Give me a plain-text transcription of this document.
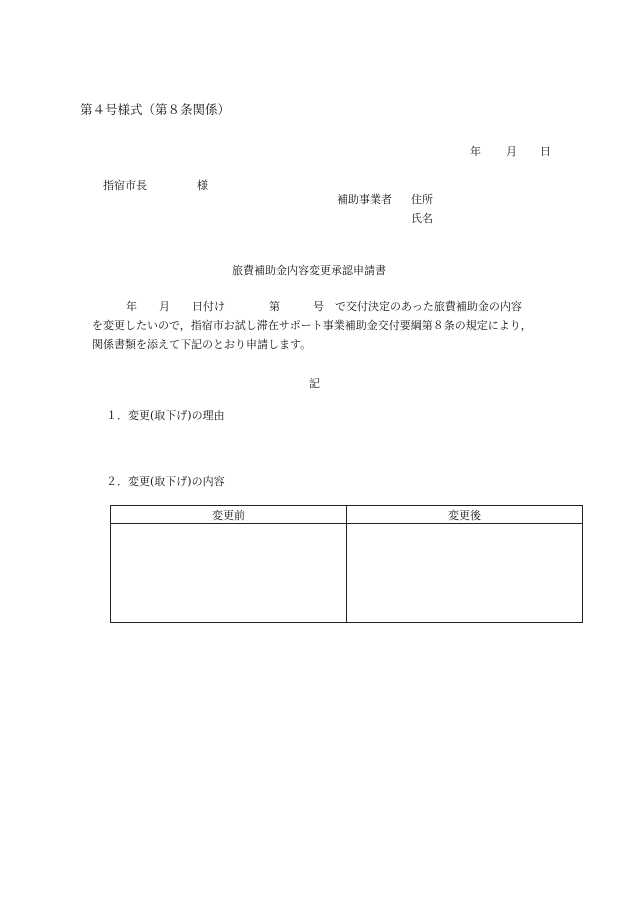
第４号様式（第８条関係）
年 月 日
指宿市長	様
補助事業者 住所
氏名
旅費補助金内容変更承認申請書
年　　月　　日付け　　　　第　　　号　で交付決定のあった旅費補助金の内容
を変更したいので，指宿市お試し滞在サポート事業補助金交付要綱第８条の規定により，
関係書類を添えて下記のとおり申請します。
記
１．変更(取下げ)の理由
２．変更(取下げ)の内容
変更前	変更後
